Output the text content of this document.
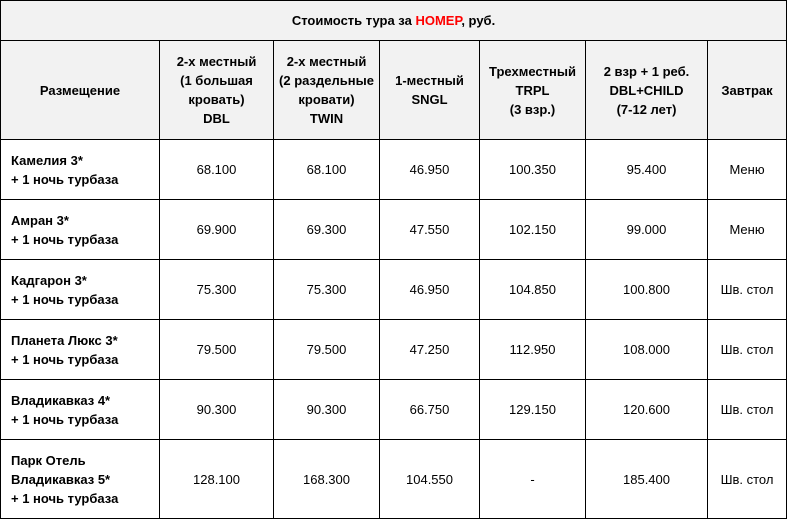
Стоимость тура за НОМЕР, руб.						
Размещение	2-х местный
(1 большая
кровать)
DBL	2-х местный
(2 раздельные
кровати)
TWIN	1-местный
SNGL	Трехместный
TRPL
(3 взр.)	2 взр + 1 реб.
DBL+CHILD
(7-12 лет)	Завтрак

Камелия 3*
+ 1 ночь турбаза	68.100	68.100	46.950	100.350	95.400	Меню

Амран 3*
+ 1 ночь турбаза	69.900	69.300	47.550	102.150	99.000	Меню

Кадгарон 3*
+ 1 ночь турбаза	75.300	75.300	46.950	104.850	100.800	Шв. стол

Планета Люкс 3*
+ 1 ночь турбаза	79.500	79.500	47.250	112.950	108.000	Шв. стол

Владикавказ 4*
+ 1 ночь турбаза	90.300	90.300	66.750	129.150	120.600	Шв. стол

Парк Отель
Владикавказ 5*
+ 1 ночь турбаза	128.100	168.300	104.550	-	185.400	Шв. стол
